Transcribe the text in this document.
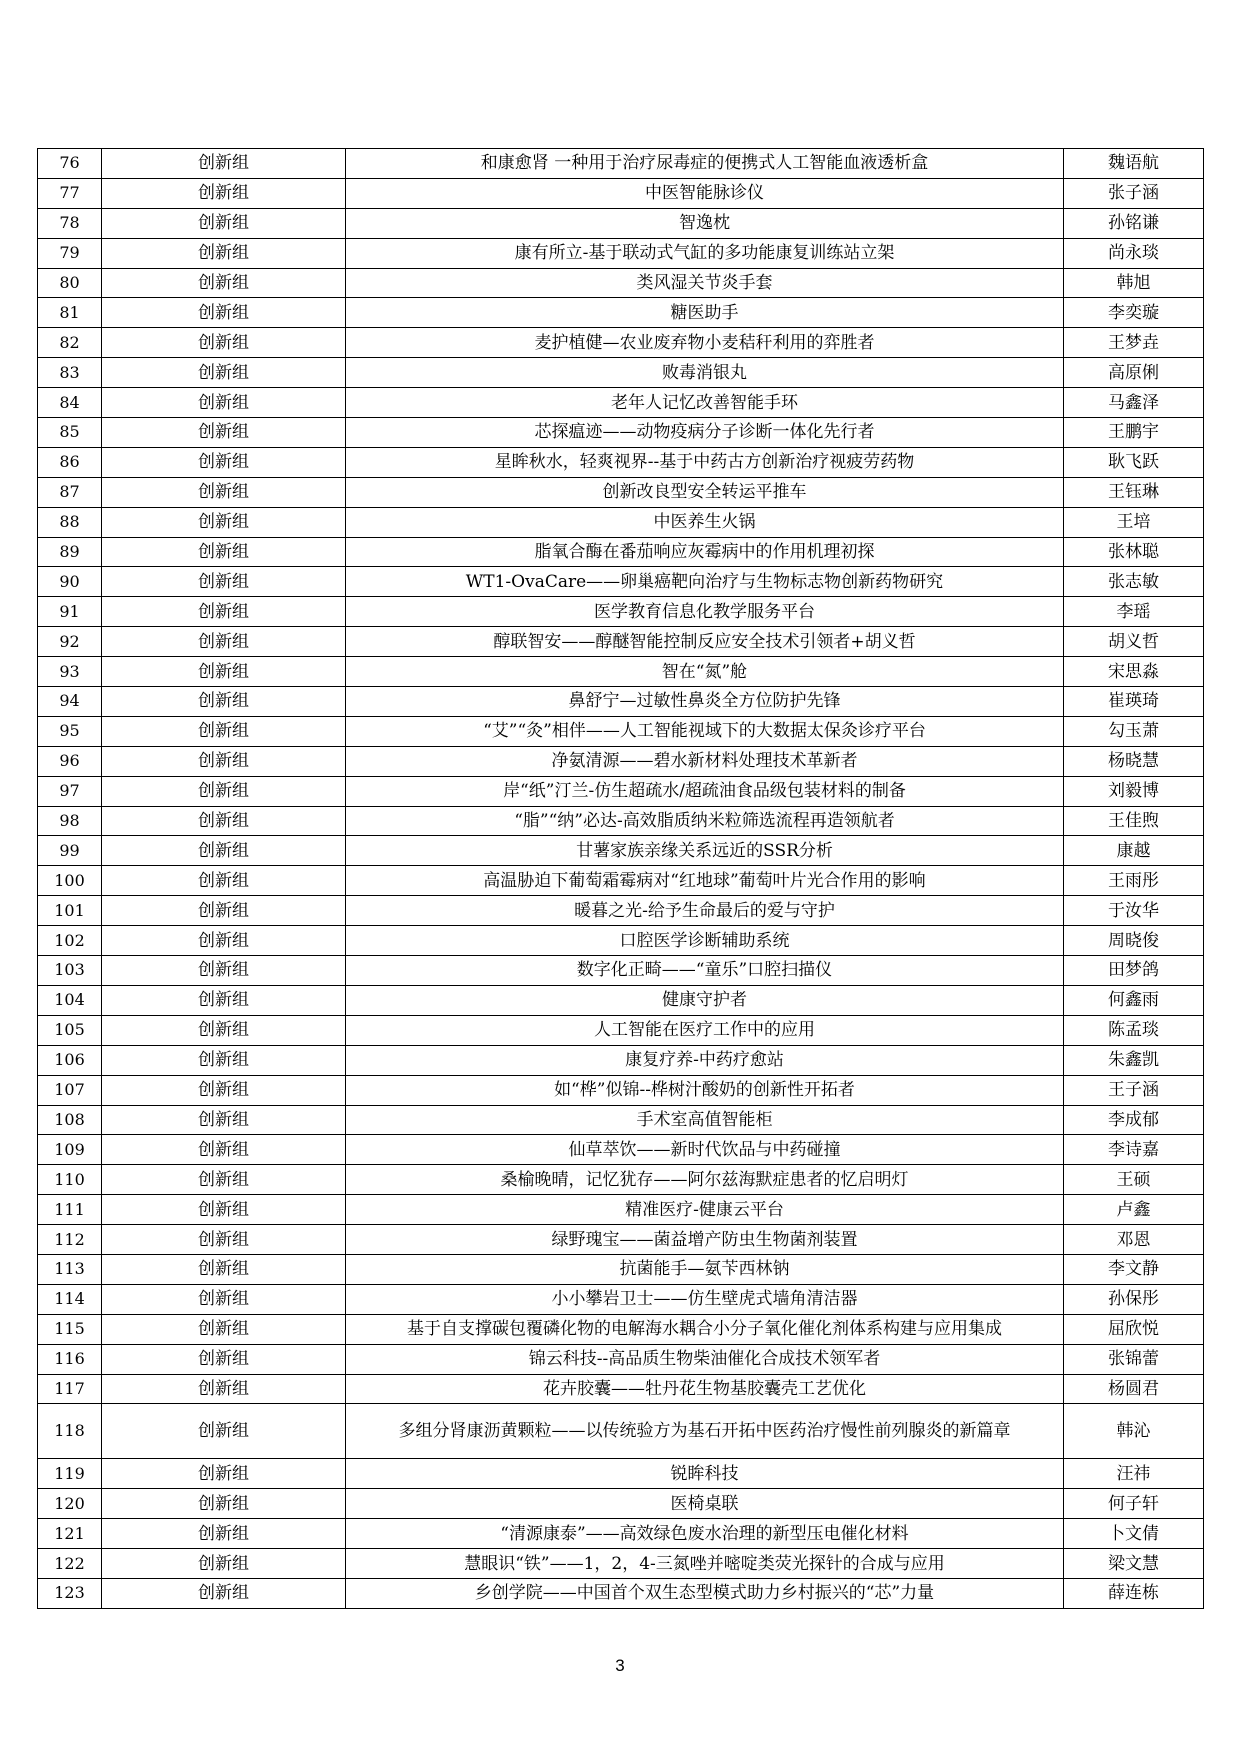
76	创新组	和康愈肾 一种用于治疗尿毒症的便携式人工智能血液透析盒	魏语航
77	创新组	中医智能脉诊仪	张子涵
78	创新组	智逸枕	孙铭谦
79	创新组	康有所立-基于联动式气缸的多功能康复训练站立架	尚永琰
80	创新组	类风湿关节炎手套	韩旭
81	创新组	糖医助手	李奕璇
82	创新组	麦护植健—农业废弃物小麦秸秆利用的弈胜者	王梦垚
83	创新组	败毒消银丸	高原俐
84	创新组	老年人记忆改善智能手环	马鑫泽
85	创新组	芯探瘟迹——动物疫病分子诊断一体化先行者	王鹏宇
86	创新组	星眸秋水，轻爽视界--基于中药古方创新治疗视疲劳药物	耿飞跃
87	创新组	创新改良型安全转运平推车	王钰琳
88	创新组	中医养生火锅	王培
89	创新组	脂氧合酶在番茄响应灰霉病中的作用机理初探	张林聪
90	创新组	WT1-OvaCare——卵巢癌靶向治疗与生物标志物创新药物研究	张志敏
91	创新组	医学教育信息化教学服务平台	李瑶
92	创新组	醇联智安——醇醚智能控制反应安全技术引领者+胡义哲	胡义哲
93	创新组	智在“氮”舱	宋思淼
94	创新组	鼻舒宁—过敏性鼻炎全方位防护先锋	崔瑛琦
95	创新组	“艾”“灸”相伴——人工智能视域下的大数据太保灸诊疗平台	勾玉萧
96	创新组	净氨清源——碧水新材料处理技术革新者	杨晓慧
97	创新组	岸“纸”汀兰-仿生超疏水/超疏油食品级包装材料的制备	刘毅博
98	创新组	“脂”“纳”必达-高效脂质纳米粒筛选流程再造领航者	王佳煦
99	创新组	甘薯家族亲缘关系远近的SSR分析	康越
100	创新组	高温胁迫下葡萄霜霉病对“红地球”葡萄叶片光合作用的影响	王雨彤
101	创新组	暖暮之光-给予生命最后的爱与守护	于汝华
102	创新组	口腔医学诊断辅助系统	周晓俊
103	创新组	数字化正畸——“童乐”口腔扫描仪	田梦鸽
104	创新组	健康守护者	何鑫雨
105	创新组	人工智能在医疗工作中的应用	陈孟琰
106	创新组	康复疗养-中药疗愈站	朱鑫凯
107	创新组	如“桦”似锦--桦树汁酸奶的创新性开拓者	王子涵
108	创新组	手术室高值智能柜	李成郁
109	创新组	仙草萃饮——新时代饮品与中药碰撞	李诗嘉
110	创新组	桑榆晚晴，记忆犹存——阿尔兹海默症患者的忆启明灯	王硕
111	创新组	精准医疗-健康云平台	卢鑫
112	创新组	绿野瑰宝——菌益增产防虫生物菌剂装置	邓恩
113	创新组	抗菌能手—氨苄西林钠	李文静
114	创新组	小小攀岩卫士——仿生壁虎式墙角清洁器	孙保彤
115	创新组	基于自支撑碳包覆磷化物的电解海水耦合小分子氧化催化剂体系构建与应用集成	屈欣悦
116	创新组	锦云科技--高品质生物柴油催化合成技术领军者	张锦蕾
117	创新组	花卉胶囊——牡丹花生物基胶囊壳工艺优化	杨圆君
118	创新组	多组分肾康沥黄颗粒——以传统验方为基石开拓中医药治疗慢性前列腺炎的新篇章	韩沁
119	创新组	锐眸科技	汪祎
120	创新组	医椅桌联	何子轩
121	创新组	“清源康泰”——高效绿色废水治理的新型压电催化材料	卜文倩
122	创新组	慧眼识“铁”——1，2，4-三氮唑并嘧啶类荧光探针的合成与应用	梁文慧
123	创新组	乡创学院——中国首个双生态型模式助力乡村振兴的“芯”力量	薛连栋
3
